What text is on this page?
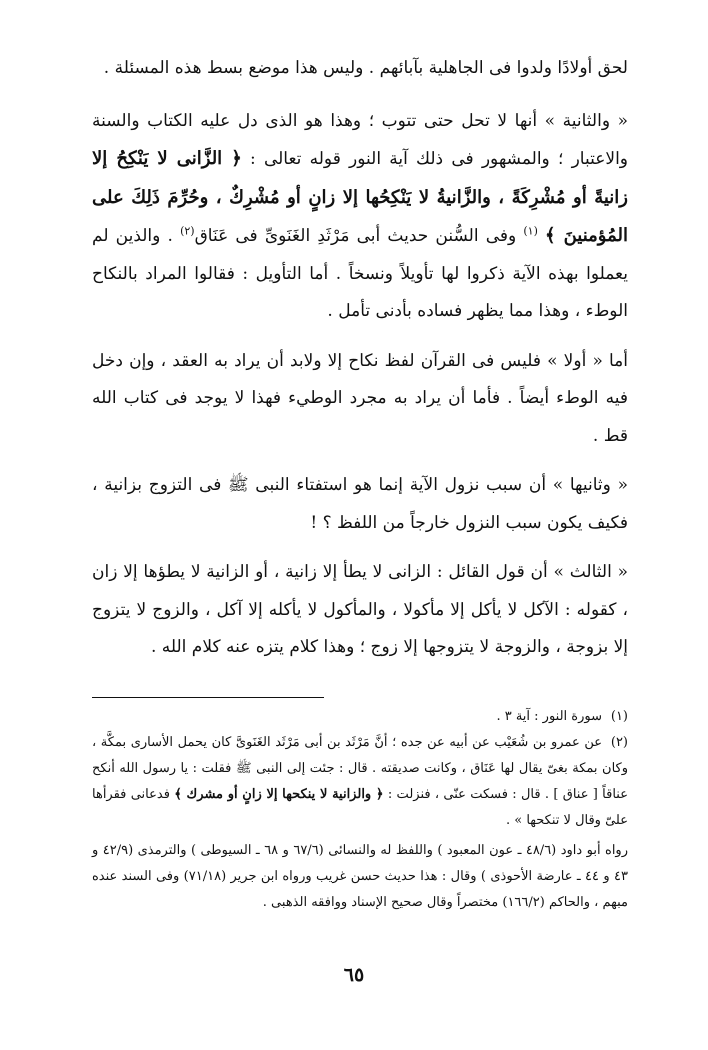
لحق أولادًا ولدوا فى الجاهلية بآبائهم . وليس هذا موضع بسط هذه المسئلة .

« والثانية » أنها لا تحل حتى تتوب ؛ وهذا هو الذى دل عليه الكتاب والسنة والاعتبار ؛ والمشهور فى ذلك آية النور قوله تعالى : ﴿ الزَّانى لا يَنْكِحُ إلا زانيةً أو مُشْرِكَةً ، والزَّانيةُ لا يَنْكِحُها إلا زانٍ أو مُشْرِكٌ ، وحُرِّمَ ذَلِكَ على المُؤمنينَ ﴾ $^{(١)}$ وفى السُّنن حديث أبى مَرْثَدِ الغَنَوىِّ فى عَنَاق$^{(٢)}$ . والذين لم يعملوا بهذه الآية ذكروا لها تأويلاً ونسخاً . أما التأويل : فقالوا المراد بالنكاح الوطء ، وهذا مما يظهر فساده بأدنى تأمل .

أما « أولا » فليس فى القرآن لفظ نكاح إلا ولابد أن يراد به العقد ، وإن دخل فيه الوطء أيضاً . فأما أن يراد به مجرد الوطيء فهذا لا يوجد فى كتاب الله قط .

« وثانيها » أن سبب نزول الآية إنما هو استفتاء النبى ﷺ فى التزوج بزانية ، فكيف يكون سبب النزول خارجاً من اللفظ ؟ !

« الثالث » أن قول القائل : الزانى لا يطأ إلا زانية ، أو الزانية لا يطؤها إلا زان ، كقوله : الآكل لا يأكل إلا مأكولا ، والمأكول لا يأكله إلا آكل ، والزوج لا يتزوج إلا بزوجة ، والزوجة لا يتزوجها إلا زوج ؛ وهذا كلام يتزه عنه كلام الله .

(١)سورة النور : آية ٣ .

(٢)عن عمرو بن شُعَيْب عن أبيه عن جده ؛ أنَّ مَرْثَد بن أبى مَرْثَد الغَنَوىَّ كان يحمل الأسارى بمكَّة ، وكان بمكة بغىّ يقال لها عَنَاق ، وكانت صديقته . قال : جئت إلى النبى ﷺ فقلت : يا رسول الله أنكح عناقاً [ عناق ] . قال : فسكت عنّى ، فنزلت : ﴿ والزانية لا ينكحها إلا زانٍ أو مشرك ﴾ فدعانى فقرأها علىّ وقال لا تنكحها » .

رواه أبو داود (٤٨/٦ ـ عون المعبود ) واللفظ له والنسائى (٦٧/٦ و ٦٨ ـ السيوطى ) والترمذى (٤٢/٩ و ٤٣ و ٤٤ ـ عارضة الأحوذى ) وقال : هذا حديث حسن غريب ورواه ابن جرير (٧١/١٨) وفى السند عنده مبهم ، والحاكم (١٦٦/٢) مختصراً وقال صحيح الإسناد ووافقه الذهبى .

٦٥
